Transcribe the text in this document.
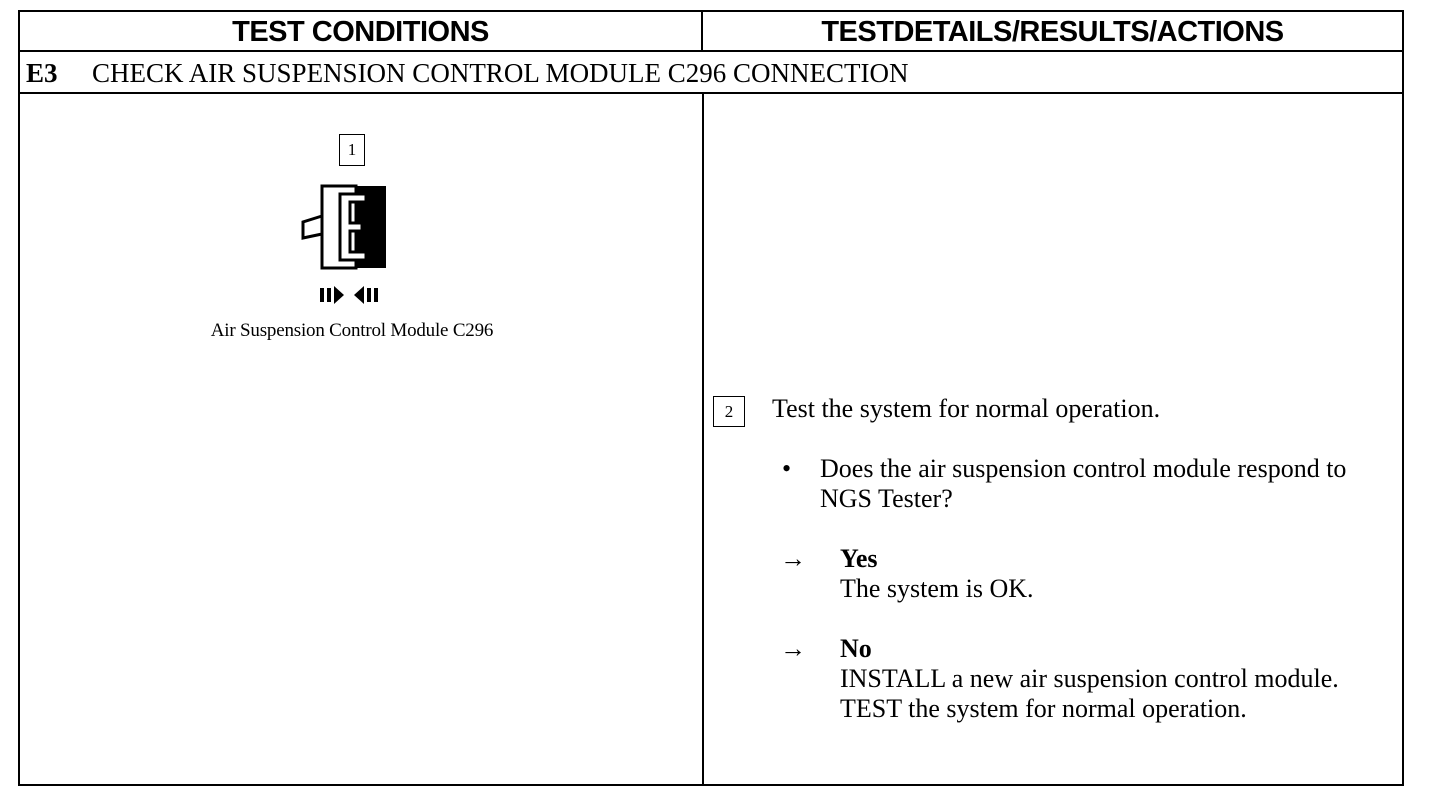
TEST CONDITIONS	TESTDETAILS/RESULTS/ACTIONS
E3 CHECK AIR SUSPENSION CONTROL MODULE C296 CONNECTION
1
Air Suspension Control Module C296
2	Test the system for normal operation.
• Does the air suspension control module respond to NGS Tester?
→ Yes
The system is OK.
→ No
INSTALL a new air suspension control module. TEST the system for normal operation.
